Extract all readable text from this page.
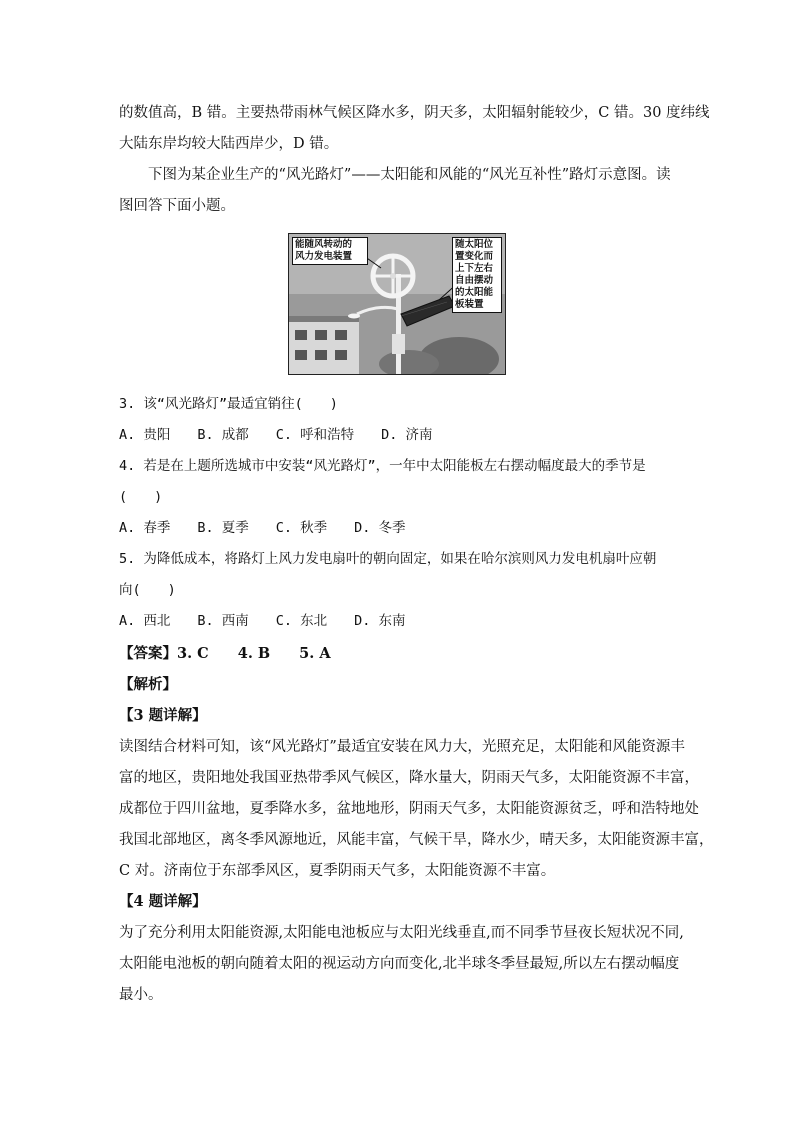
的数值高，B 错。主要热带雨林气候区降水多，阴天多，太阳辐射能较少，C 错。30 度纬线
大陆东岸均较大陆西岸少，D 错。
下图为某企业生产的“风光路灯”——太阳能和风能的“风光互补性”路灯示意图。读
图回答下面小题。
能随风转动的
风力发电装置
随太阳位
置变化而
上下左右
自由摆动
的太阳能
板装置
3. 该“风光路灯”最适宜销往(　　)
A. 贵阳　　B. 成都　　C. 呼和浩特　　D. 济南
4. 若是在上题所选城市中安装“风光路灯”，一年中太阳能板左右摆动幅度最大的季节是
(　　)
A. 春季　　B. 夏季　　C. 秋季　　D. 冬季
5. 为降低成本，将路灯上风力发电扇叶的朝向固定，如果在哈尔滨则风力发电机扇叶应朝
向(　　)
A. 西北　　B. 西南　　C. 东北　　D. 东南
【答案】3. C　　4. B　　5. A
【解析】
【3 题详解】
读图结合材料可知，该“风光路灯”最适宜安装在风力大，光照充足，太阳能和风能资源丰
富的地区，贵阳地处我国亚热带季风气候区，降水量大，阴雨天气多，太阳能资源不丰富，
成都位于四川盆地，夏季降水多，盆地地形，阴雨天气多，太阳能资源贫乏，呼和浩特地处
我国北部地区，离冬季风源地近，风能丰富，气候干旱，降水少，晴天多，太阳能资源丰富，
C 对。济南位于东部季风区，夏季阴雨天气多，太阳能资源不丰富。
【4 题详解】
为了充分利用太阳能资源,太阳能电池板应与太阳光线垂直,而不同季节昼夜长短状况不同,
太阳能电池板的朝向随着太阳的视运动方向而变化,北半球冬季昼最短,所以左右摆动幅度
最小。
